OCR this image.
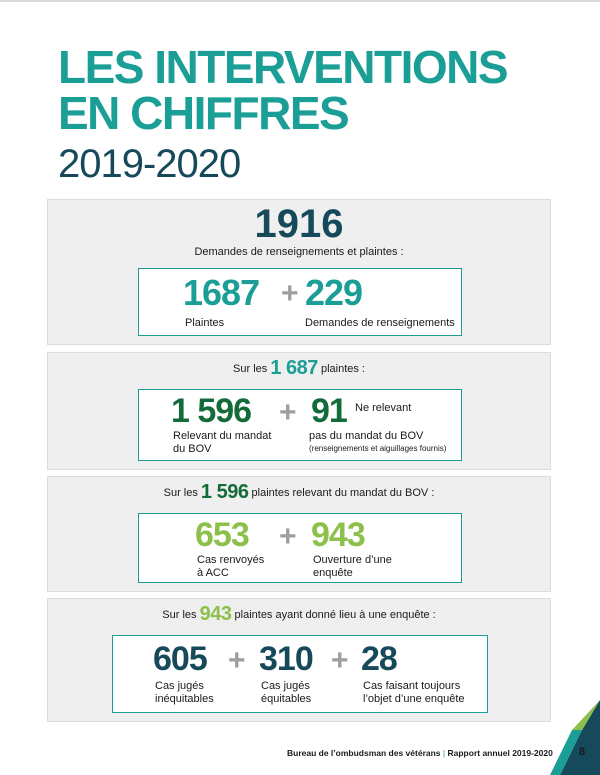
LES INTERVENTIONS
EN CHIFFRES
2019-2020
1916
Demandes de renseignements et plaintes :
1687 + 229
Plaintes	Demandes de renseignements
Sur les 1 687 plaintes :
1 596 + 91
Relevant du mandat
du BOV
Ne relevant
pas du mandat du BOV
(renseignements et aiguillages fournis)
Sur les 1 596 plaintes relevant du mandat du BOV :
653 + 943
Cas renvoyés
à ACC
Ouverture d’une
enquête
Sur les 943 plaintes ayant donné lieu à une enquête :
605 + 310 + 28
Cas jugés
inéquitables
Cas jugés
équitables
Cas faisant toujours
l’objet d’une enquête
Bureau de l’ombudsman des vétérans | Rapport annuel 2019-2020 8
